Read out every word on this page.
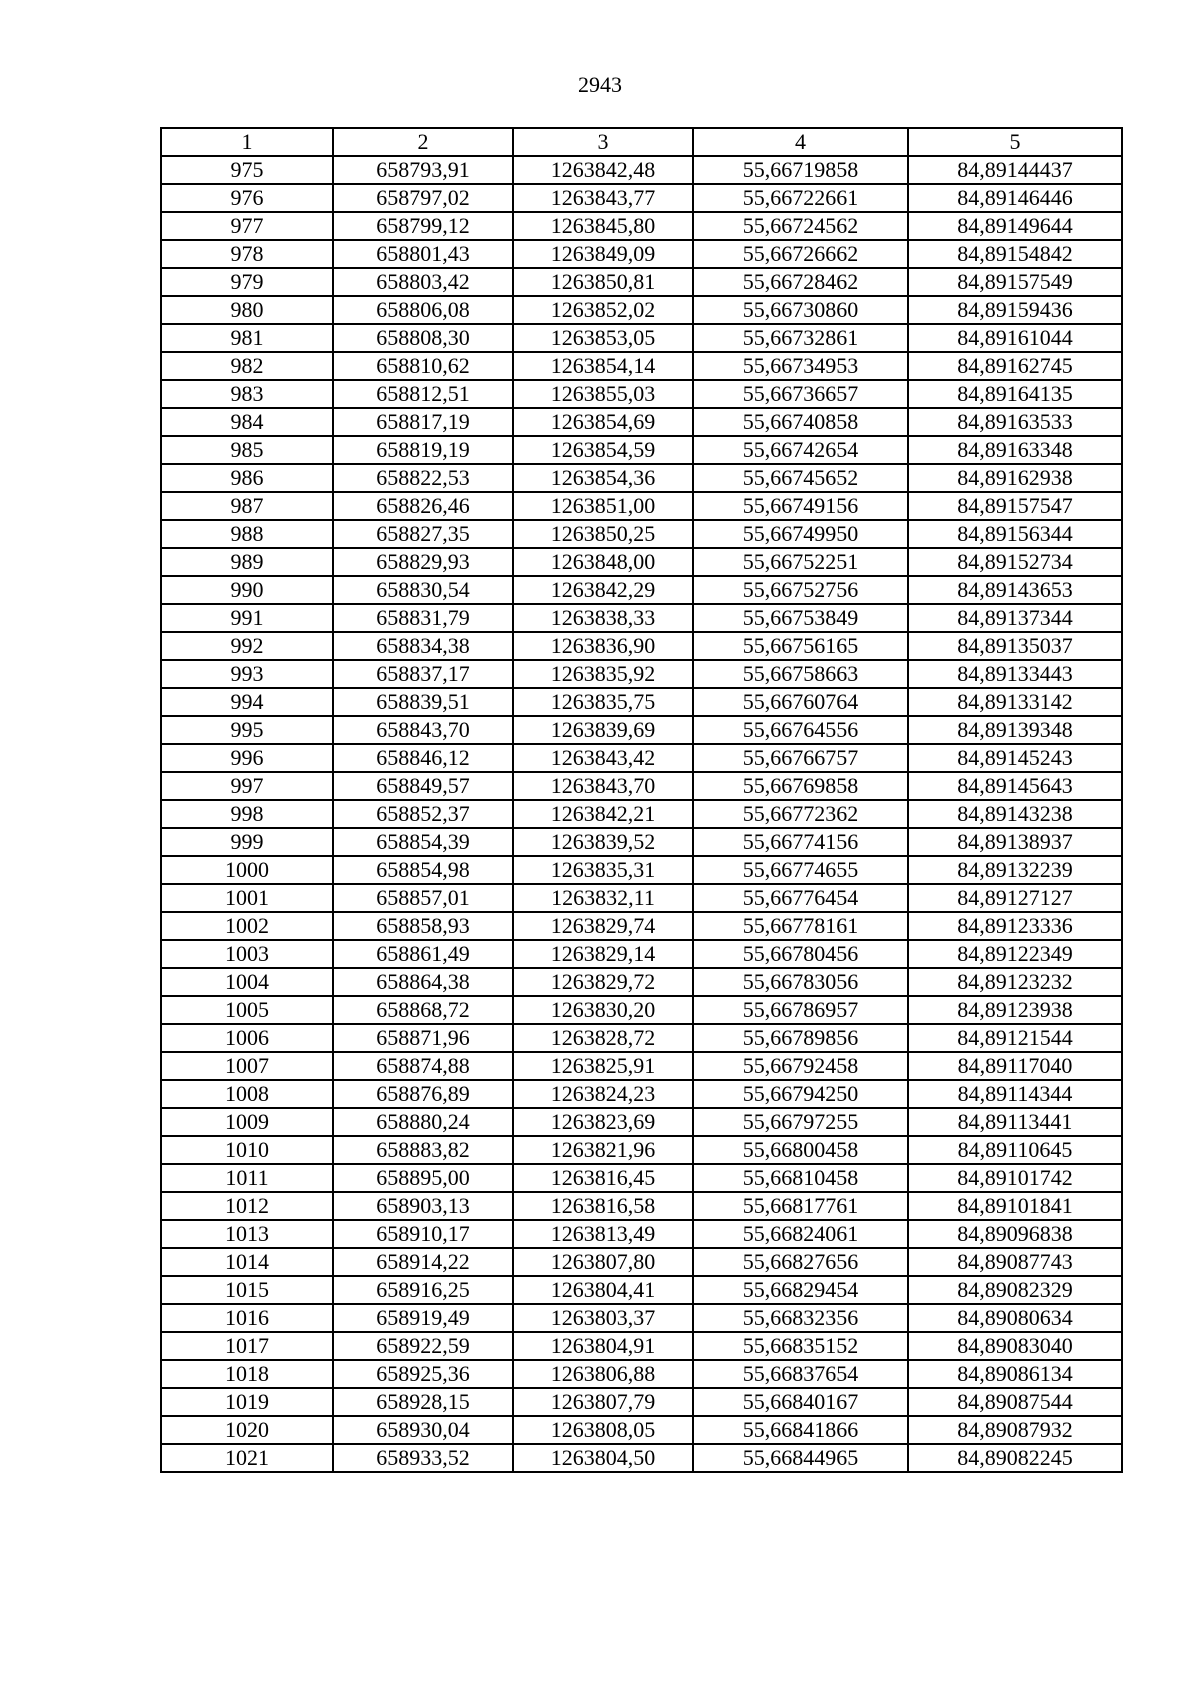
2943
1	2	3	4	5
975	658793,91	1263842,48	55,66719858	84,89144437
976	658797,02	1263843,77	55,66722661	84,89146446
977	658799,12	1263845,80	55,66724562	84,89149644
978	658801,43	1263849,09	55,66726662	84,89154842
979	658803,42	1263850,81	55,66728462	84,89157549
980	658806,08	1263852,02	55,66730860	84,89159436
981	658808,30	1263853,05	55,66732861	84,89161044
982	658810,62	1263854,14	55,66734953	84,89162745
983	658812,51	1263855,03	55,66736657	84,89164135
984	658817,19	1263854,69	55,66740858	84,89163533
985	658819,19	1263854,59	55,66742654	84,89163348
986	658822,53	1263854,36	55,66745652	84,89162938
987	658826,46	1263851,00	55,66749156	84,89157547
988	658827,35	1263850,25	55,66749950	84,89156344
989	658829,93	1263848,00	55,66752251	84,89152734
990	658830,54	1263842,29	55,66752756	84,89143653
991	658831,79	1263838,33	55,66753849	84,89137344
992	658834,38	1263836,90	55,66756165	84,89135037
993	658837,17	1263835,92	55,66758663	84,89133443
994	658839,51	1263835,75	55,66760764	84,89133142
995	658843,70	1263839,69	55,66764556	84,89139348
996	658846,12	1263843,42	55,66766757	84,89145243
997	658849,57	1263843,70	55,66769858	84,89145643
998	658852,37	1263842,21	55,66772362	84,89143238
999	658854,39	1263839,52	55,66774156	84,89138937
1000	658854,98	1263835,31	55,66774655	84,89132239
1001	658857,01	1263832,11	55,66776454	84,89127127
1002	658858,93	1263829,74	55,66778161	84,89123336
1003	658861,49	1263829,14	55,66780456	84,89122349
1004	658864,38	1263829,72	55,66783056	84,89123232
1005	658868,72	1263830,20	55,66786957	84,89123938
1006	658871,96	1263828,72	55,66789856	84,89121544
1007	658874,88	1263825,91	55,66792458	84,89117040
1008	658876,89	1263824,23	55,66794250	84,89114344
1009	658880,24	1263823,69	55,66797255	84,89113441
1010	658883,82	1263821,96	55,66800458	84,89110645
1011	658895,00	1263816,45	55,66810458	84,89101742
1012	658903,13	1263816,58	55,66817761	84,89101841
1013	658910,17	1263813,49	55,66824061	84,89096838
1014	658914,22	1263807,80	55,66827656	84,89087743
1015	658916,25	1263804,41	55,66829454	84,89082329
1016	658919,49	1263803,37	55,66832356	84,89080634
1017	658922,59	1263804,91	55,66835152	84,89083040
1018	658925,36	1263806,88	55,66837654	84,89086134
1019	658928,15	1263807,79	55,66840167	84,89087544
1020	658930,04	1263808,05	55,66841866	84,89087932
1021	658933,52	1263804,50	55,66844965	84,89082245
